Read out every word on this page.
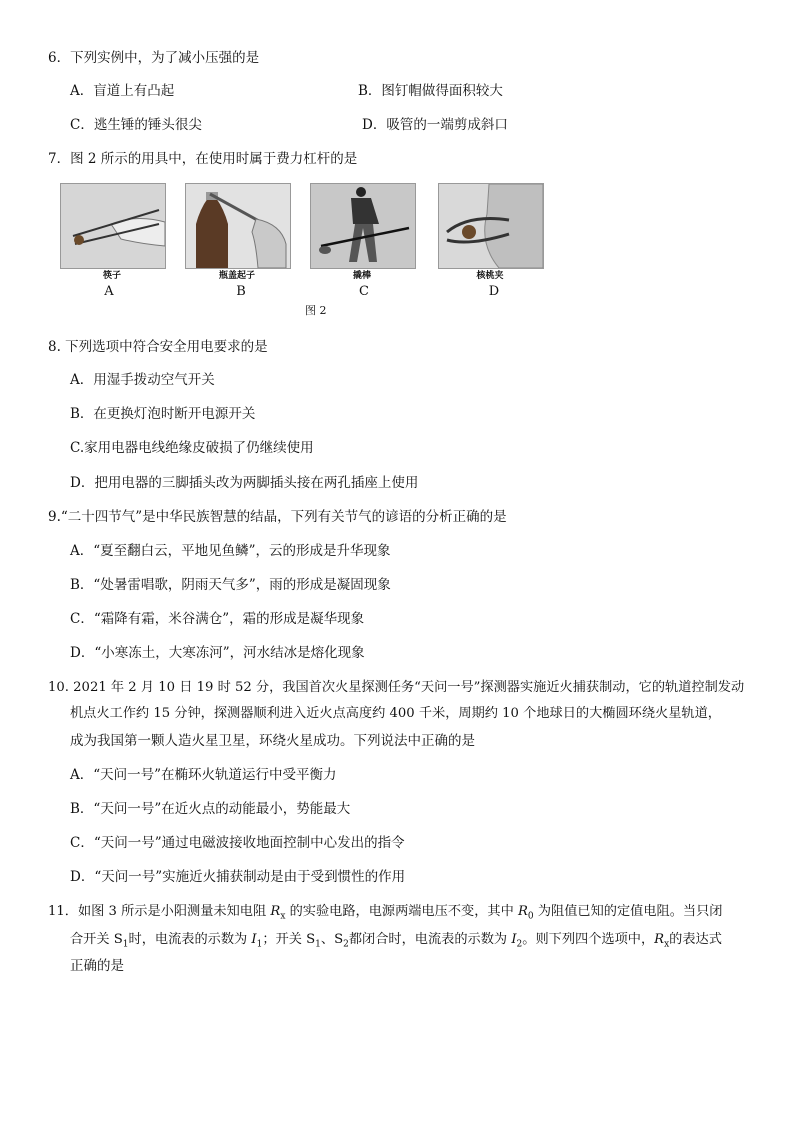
6．下列实例中，为了减小压强的是
A．盲道上有凸起	B．图钉帽做得面积较大
C．逃生锤的锤头很尖	D．吸管的一端剪成斜口
7．图 2 所示的用具中，在使用时属于费力杠杆的是
筷子	瓶盖起子	撬棒	核桃夹
A	B	C	D
图 2
8. 下列选项中符合安全用电要求的是
A．用湿手拨动空气开关
B．在更换灯泡时断开电源开关
C.家用电器电线绝缘皮破损了仍继续使用
D．把用电器的三脚插头改为两脚插头接在两孔插座上使用
9.“二十四节气”是中华民族智慧的结晶，下列有关节气的谚语的分析正确的是
A．“夏至翻白云，平地见鱼鳞”，云的形成是升华现象
B．“处暑雷唱歌，阴雨天气多”，雨的形成是凝固现象
C．“霜降有霜，米谷满仓”，霜的形成是凝华现象
D．“小寒冻土，大寒冻河”，河水结冰是熔化现象
10. 2021 年 2 月 10 日 19 时 52 分，我国首次火星探测任务“天问一号”探测器实施近火捕获制动，它的轨道控制发动
机点火工作约 15 分钟，探测器顺利进入近火点高度约 400 千米，周期约 10 个地球日的大椭圆环绕火星轨道，
成为我国第一颗人造火星卫星，环绕火星成功。下列说法中正确的是
A．“天问一号”在椭环火轨道运行中受平衡力
B．“天问一号”在近火点的动能最小，势能最大
C．“天问一号”通过电磁波接收地面控制中心发出的指令
D．“天问一号”实施近火捕获制动是由于受到惯性的作用
11．如图 3 所示是小阳测量未知电阻 $R_x$ 的实验电路，电源两端电压不变，其中 $R_0$ 为阻值已知的定值电阻。当只闭
合开关 $S_1$时，电流表的示数为 $I_1$；开关 $S_1$、$S_2$都闭合时，电流表的示数为 $I_2$。则下列四个选项中，$R_x$的表达式
正确的是
